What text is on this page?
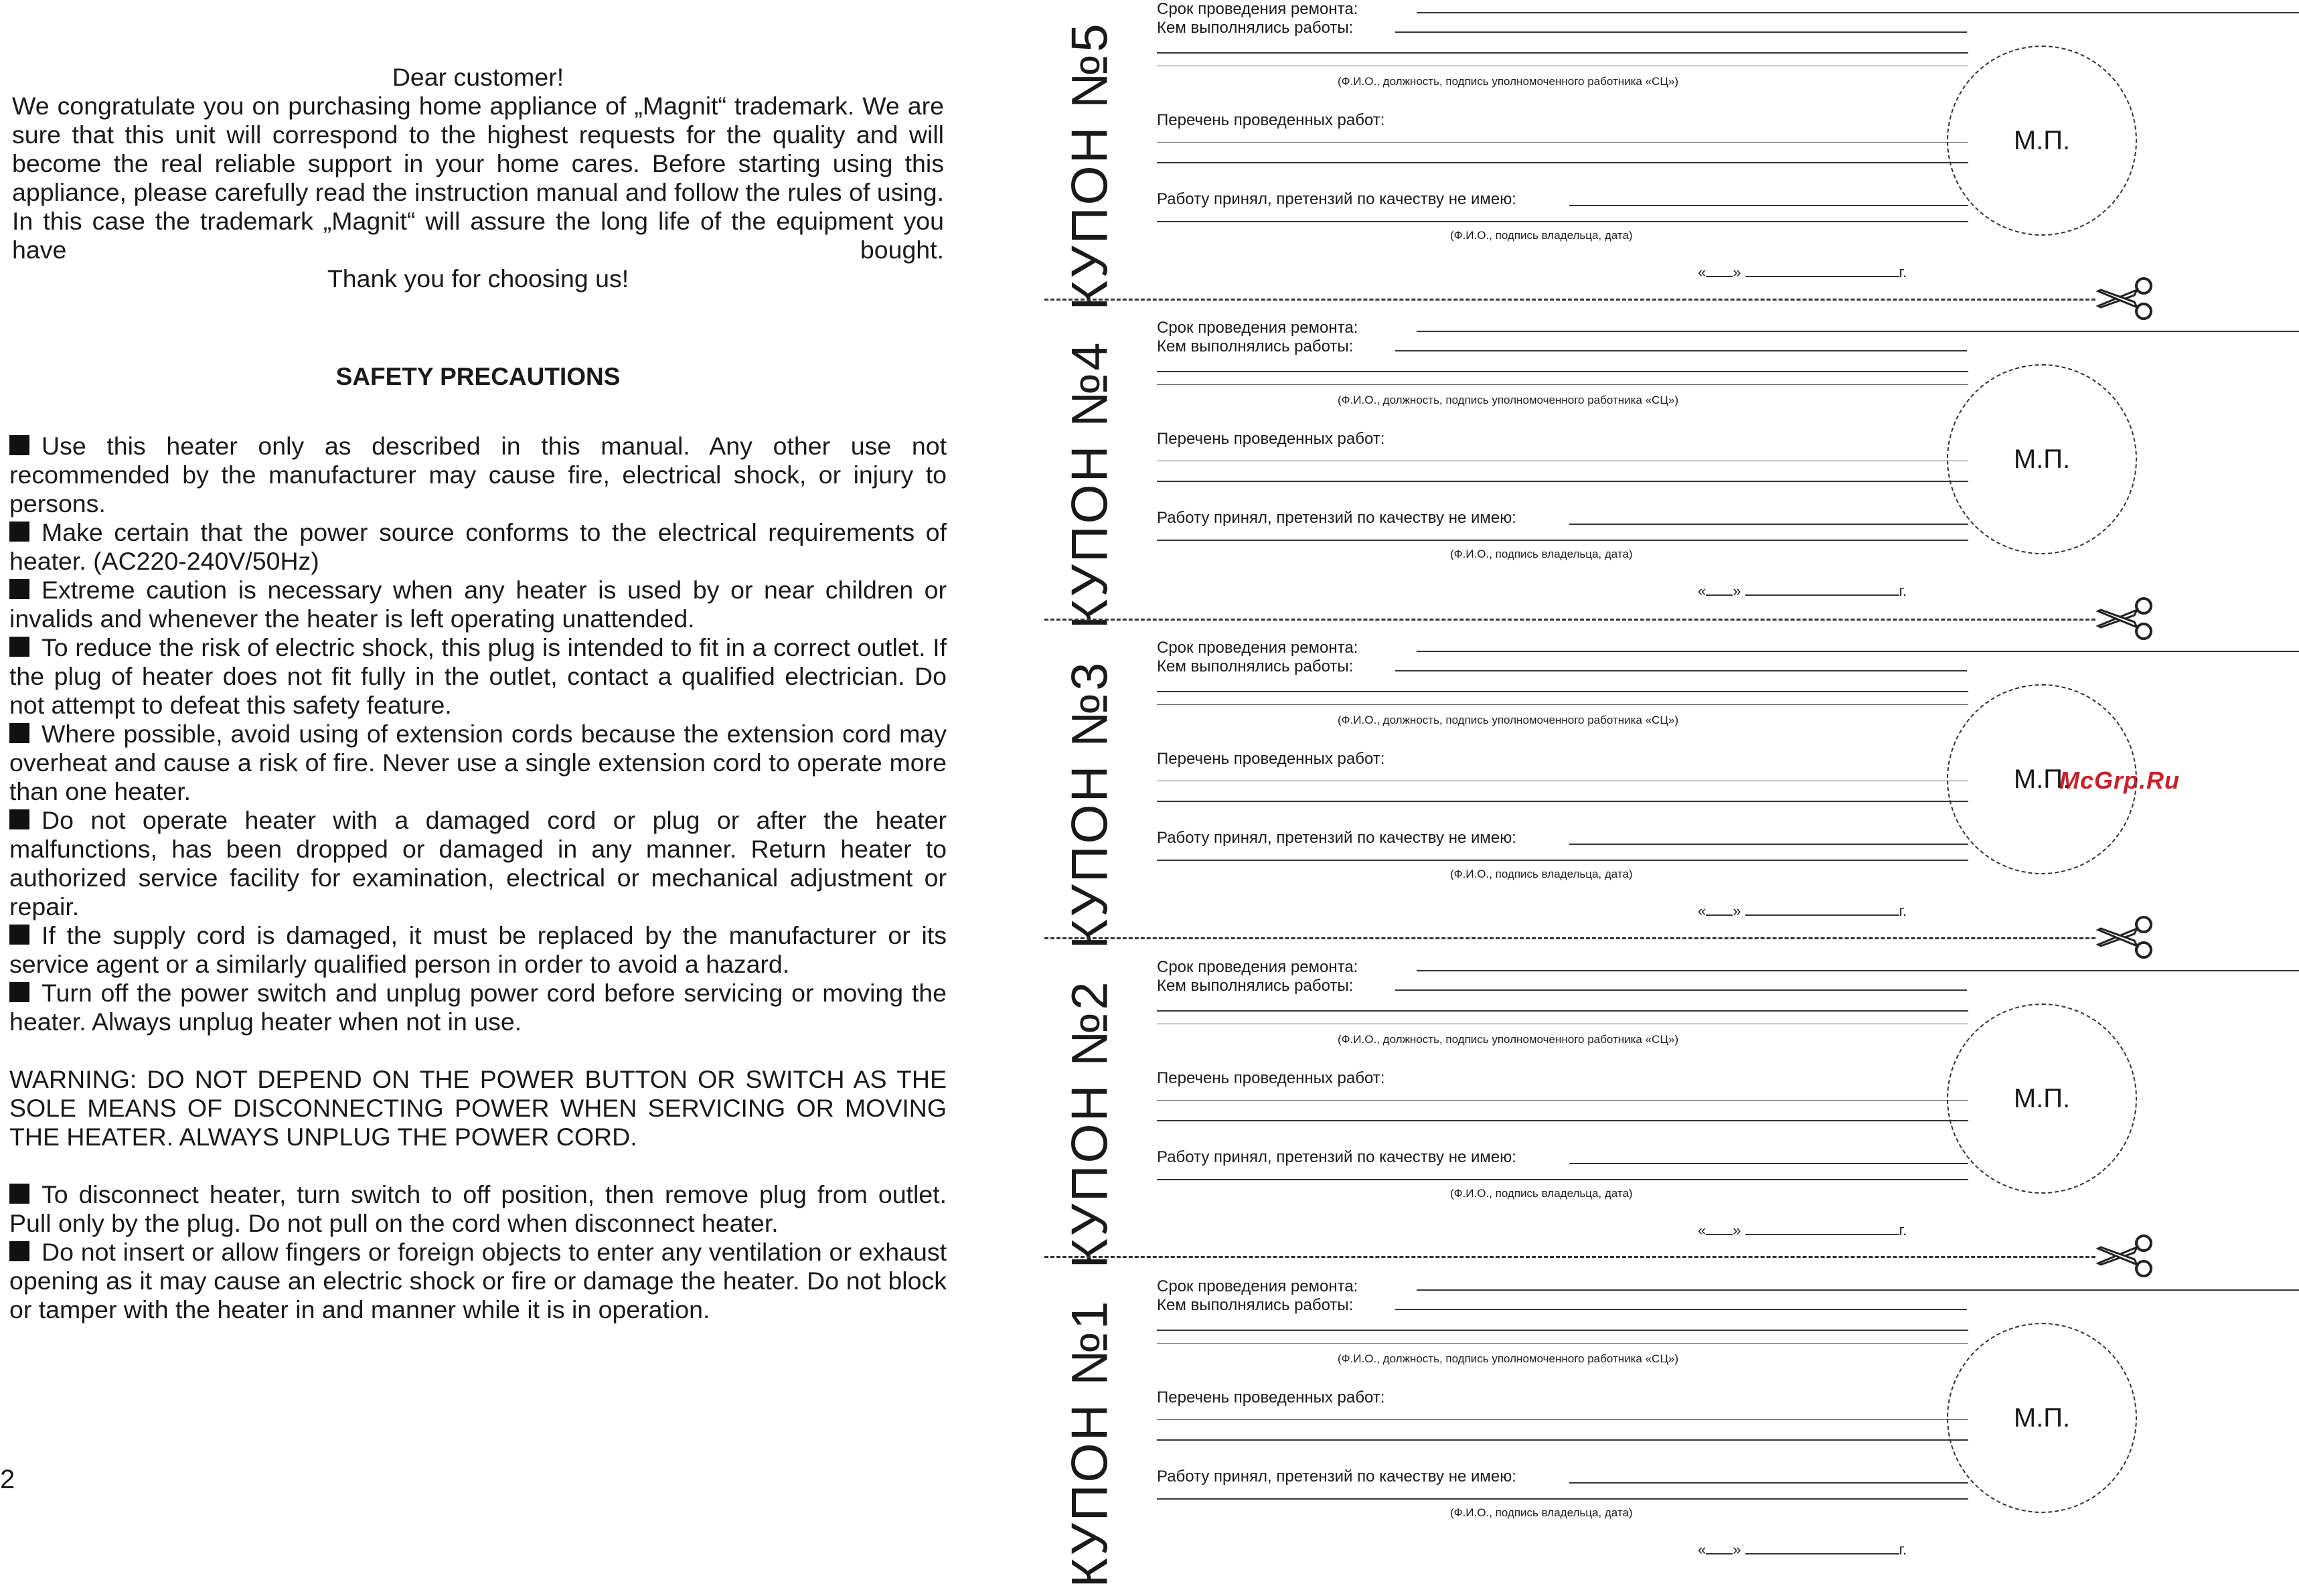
Dear customer!
We congratulate you on purchasing home appliance of „Magnit“ trademark. We are sure that this unit will correspond to the highest requests for the quality and will become the real reliable support in your home cares. Before starting using this appliance, please carefully read the instruction manual and follow the rules of using. In this case the trademark „Magnit“ will assure the long life of the equipment you have bought.
Thank you for choosing us!
SAFETY PRECAUTIONS

Use this heater only as described in this manual. Any other use not recommended by the manufacturer may cause fire, electrical shock, or injury to persons.

Make certain that the power source conforms to the electrical requirements of heater. (AC220-240V/50Hz)

Extreme caution is necessary when any heater is used by or near children or invalids and whenever the heater is left operating unattended.

To reduce the risk of electric shock, this plug is intended to fit in a correct outlet. If the plug of heater does not fit fully in the outlet, contact a qualified electrician. Do not attempt to defeat this safety feature.

Where possible, avoid using of extension cords because the extension cord may overheat and cause a risk of fire. Never use a single extension cord to operate more than one heater.

Do not operate heater with a damaged cord or plug or after the heater malfunctions, has been dropped or damaged in any manner. Return heater to authorized service facility for examination, electrical or mechanical adjustment or repair.

If the supply cord is damaged, it must be replaced by the manufacturer or its service agent or a similarly qualified person in order to avoid a hazard.

Turn off the power switch and unplug power cord before servicing or moving the heater. Always unplug heater when not in use.

WARNING: DO NOT DEPEND ON THE POWER BUTTON OR SWITCH AS THE SOLE MEANS OF DISCONNECTING POWER WHEN SERVICING OR MOVING THE HEATER. ALWAYS UNPLUG THE POWER CORD.

To disconnect heater, turn switch to off position, then remove plug from outlet. Pull only by the plug. Do not pull on the cord when disconnect heater.

Do not insert or allow fingers or foreign objects to enter any ventilation or exhaust opening as it may cause an electric shock or fire or damage the heater. Do not block or tamper with the heater in and manner while it is in operation.

2
McGrp.Ru
КУПОН №5
Срок проведения ремонта:
Кем выполнялись работы:
(Ф.И.О., должность, подпись уполномоченного работника «СЦ»)
Перечень проведенных работ:
Работу принял, претензий по качеству не имею:
(Ф.И.О., подпись владельца, дата)
М.П.
« »	г.
КУПОН №4
Срок проведения ремонта:
Кем выполнялись работы:
(Ф.И.О., должность, подпись уполномоченного работника «СЦ»)
Перечень проведенных работ:
Работу принял, претензий по качеству не имею:
(Ф.И.О., подпись владельца, дата)
М.П.
« »	г.
КУПОН №3
Срок проведения ремонта:
Кем выполнялись работы:
(Ф.И.О., должность, подпись уполномоченного работника «СЦ»)
Перечень проведенных работ:
Работу принял, претензий по качеству не имею:
(Ф.И.О., подпись владельца, дата)
М.П.
« »	г.
КУПОН №2
Срок проведения ремонта:
Кем выполнялись работы:
(Ф.И.О., должность, подпись уполномоченного работника «СЦ»)
Перечень проведенных работ:
Работу принял, претензий по качеству не имею:
(Ф.И.О., подпись владельца, дата)
М.П.
« »	г.
КУПОН №1
Срок проведения ремонта:
Кем выполнялись работы:
(Ф.И.О., должность, подпись уполномоченного работника «СЦ»)
Перечень проведенных работ:
Работу принял, претензий по качеству не имею:
(Ф.И.О., подпись владельца, дата)
М.П.
« »	г.
